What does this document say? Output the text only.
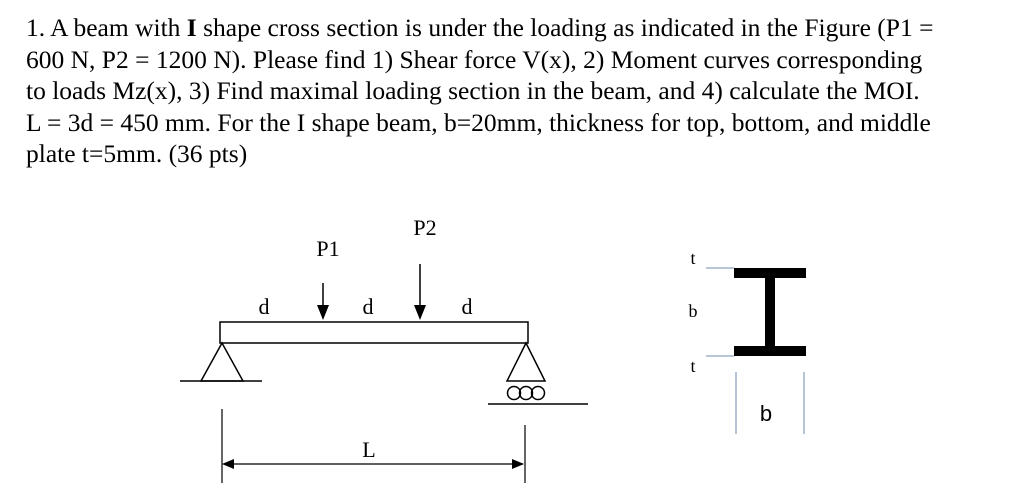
1. A beam with I shape cross section is under the loading as indicated in the Figure (P1 =
600 N, P2 = 1200 N). Please find 1) Shear force V(x), 2) Moment curves corresponding
to loads Mz(x), 3) Find maximal loading section in the beam, and 4) calculate the MOI.
L = 3d = 450 mm. For the I shape beam, b=20mm, thickness for top, bottom, and middle
plate t=5mm. (36 pts)
P1
P2
d	d	d
L
t
b
t
b
